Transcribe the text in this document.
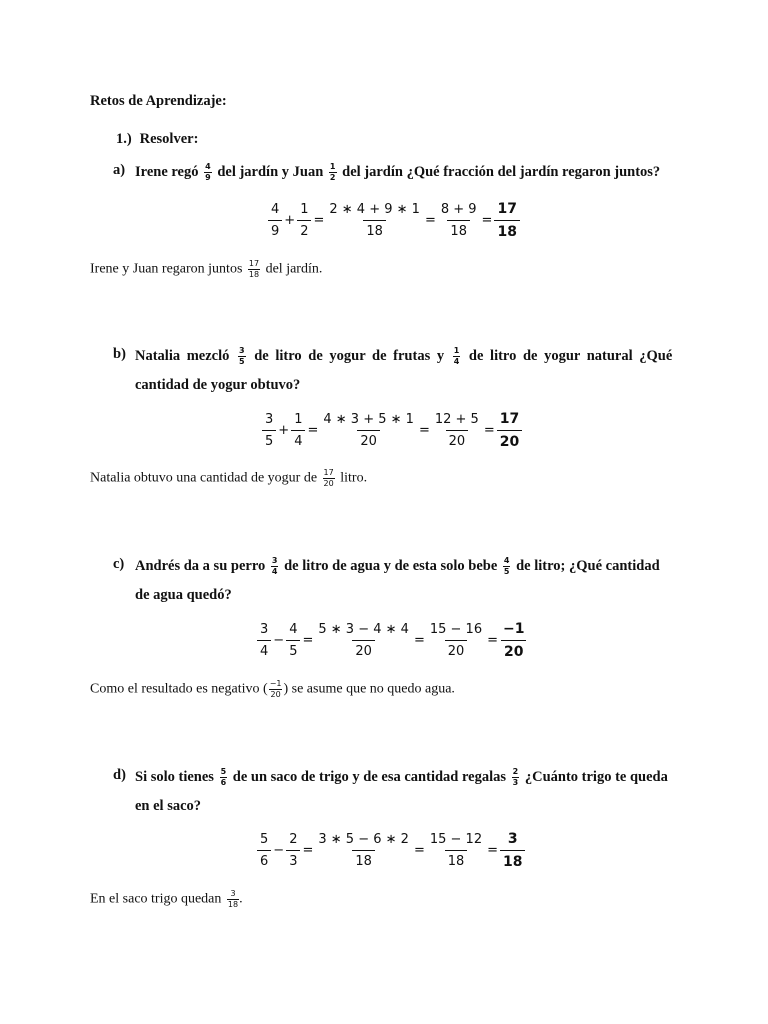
Retos de Aprendizaje:
1.) Resolver:
a) Irene regó $\frac{4}{9}$ del jardín y Juan $\frac{1}{2}$ del jardín ¿Qué fracción del jardín regaron juntos?
$\frac{4}{9} + \frac{1}{2} = \frac{2 ∗ 4 + 9 ∗ 1}{18} = \frac{8 + 9}{18} = \frac{17}{18}$
Irene y Juan regaron juntos $\frac{17}{18}$ del jardín.
b) Natalia mezcló $\frac{3}{5}$ de litro de yogur de frutas y $\frac{1}{4}$ de litro de yogur natural ¿Qué
cantidad de yogur obtuvo?
$\frac{3}{5} + \frac{1}{4} = \frac{4 ∗ 3 + 5 ∗ 1}{20} = \frac{12 + 5}{20} = \frac{17}{20}$
Natalia obtuvo una cantidad de yogur de $\frac{17}{20}$ litro.
c) Andrés da a su perro $\frac{3}{4}$ de litro de agua y de esta solo bebe $\frac{4}{5}$ de litro; ¿Qué cantidad
de agua quedó?
$\frac{3}{4} - \frac{4}{5} = \frac{5 ∗ 3 - 4 ∗ 4}{20} = \frac{15 - 16}{20} = \frac{-1}{20}$
Como el resultado es negativo ( $\frac{-1}{20}$ ) se asume que no quedo agua.
d) Si solo tienes $\frac{5}{6}$ de un saco de trigo y de esa cantidad regalas $\frac{2}{3}$ ¿Cuánto trigo te queda
en el saco?
$\frac{5}{6} - \frac{2}{3} = \frac{3 ∗ 5 - 6 ∗ 2}{18} = \frac{15 - 12}{18} = \frac{3}{18}$
En el saco trigo quedan $\frac{3}{18}$ .
